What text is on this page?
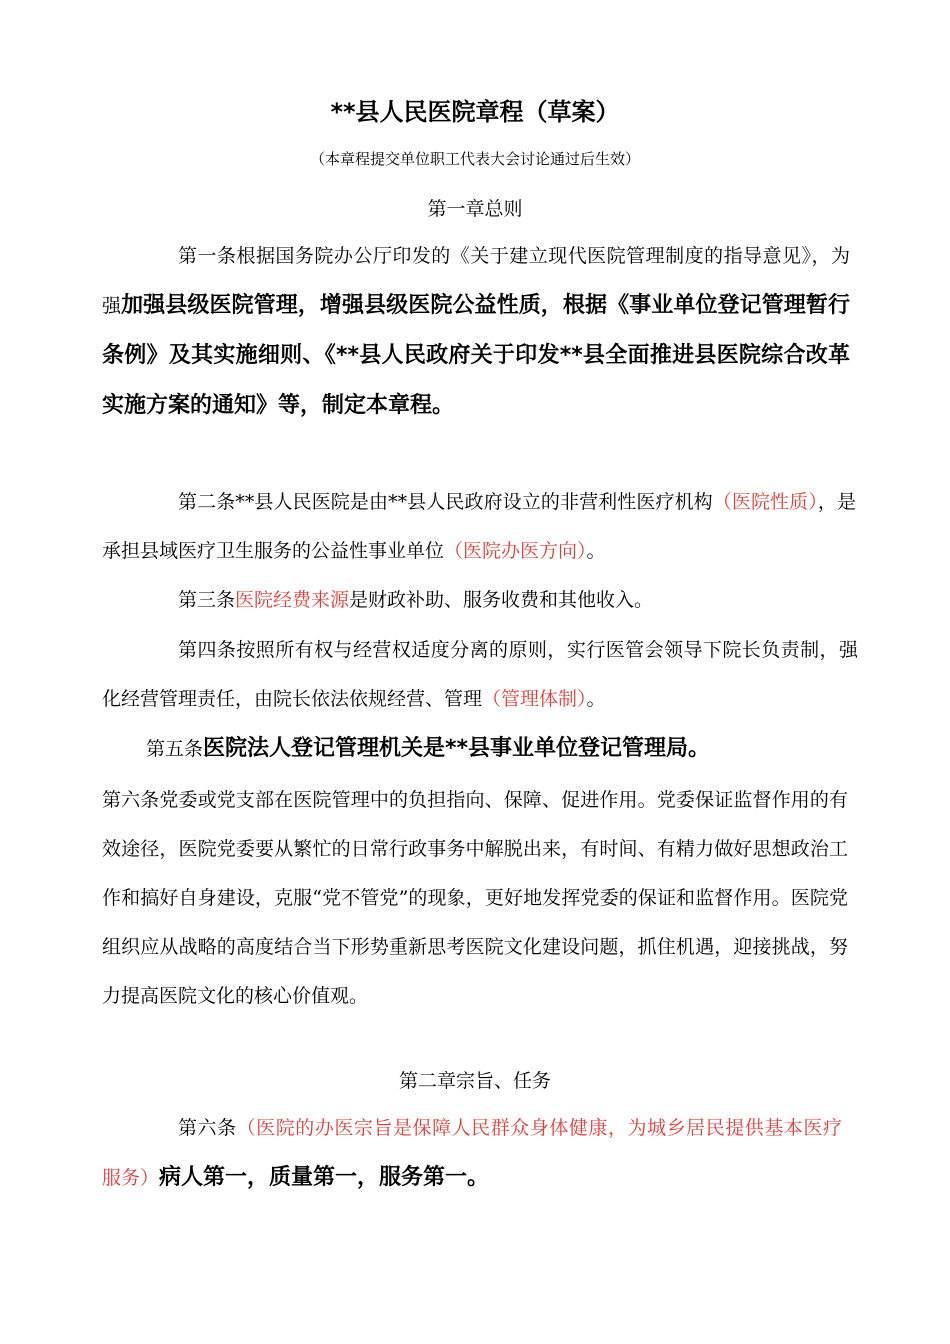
**县人民医院章程（草案）
（本章程提交单位职工代表大会讨论通过后生效）
第一章总则

第一条根据国务院办公厅印发的《关于建立现代医院管理制度的指导意见》，为强加强县级医院管理，增强县级医院公益性质，根据《事业单位登记管理暂行条例》及其实施细则、《**县人民政府关于印发**县全面推进县医院综合改革实施方案的通知》等，制定本章程。

第二条**县人民医院是由**县人民政府设立的非营利性医疗机构（医院性质），是承担县域医疗卫生服务的公益性事业单位（医院办医方向）。

第三条医院经费来源是财政补助、服务收费和其他收入。

第四条按照所有权与经营权适度分离的原则，实行医管会领导下院长负责制，强化经营管理责任，由院长依法依规经营、管理（管理体制）。

第五条医院法人登记管理机关是**县事业单位登记管理局。

第六条党委或党支部在医院管理中的负担指向、保障、促进作用。党委保证监督作用的有效途径，医院党委要从繁忙的日常行政事务中解脱出来，有时间、有精力做好思想政治工作和搞好自身建设，克服“党不管党”的现象，更好地发挥党委的保证和监督作用。医院党组织应从战略的高度结合当下形势重新思考医院文化建设问题，抓住机遇，迎接挑战，努力提高医院文化的核心价值观。

第二章宗旨、任务

第六条（医院的办医宗旨是保障人民群众身体健康，为城乡居民提供基本医疗服务）病人第一，质量第一，服务第一。
